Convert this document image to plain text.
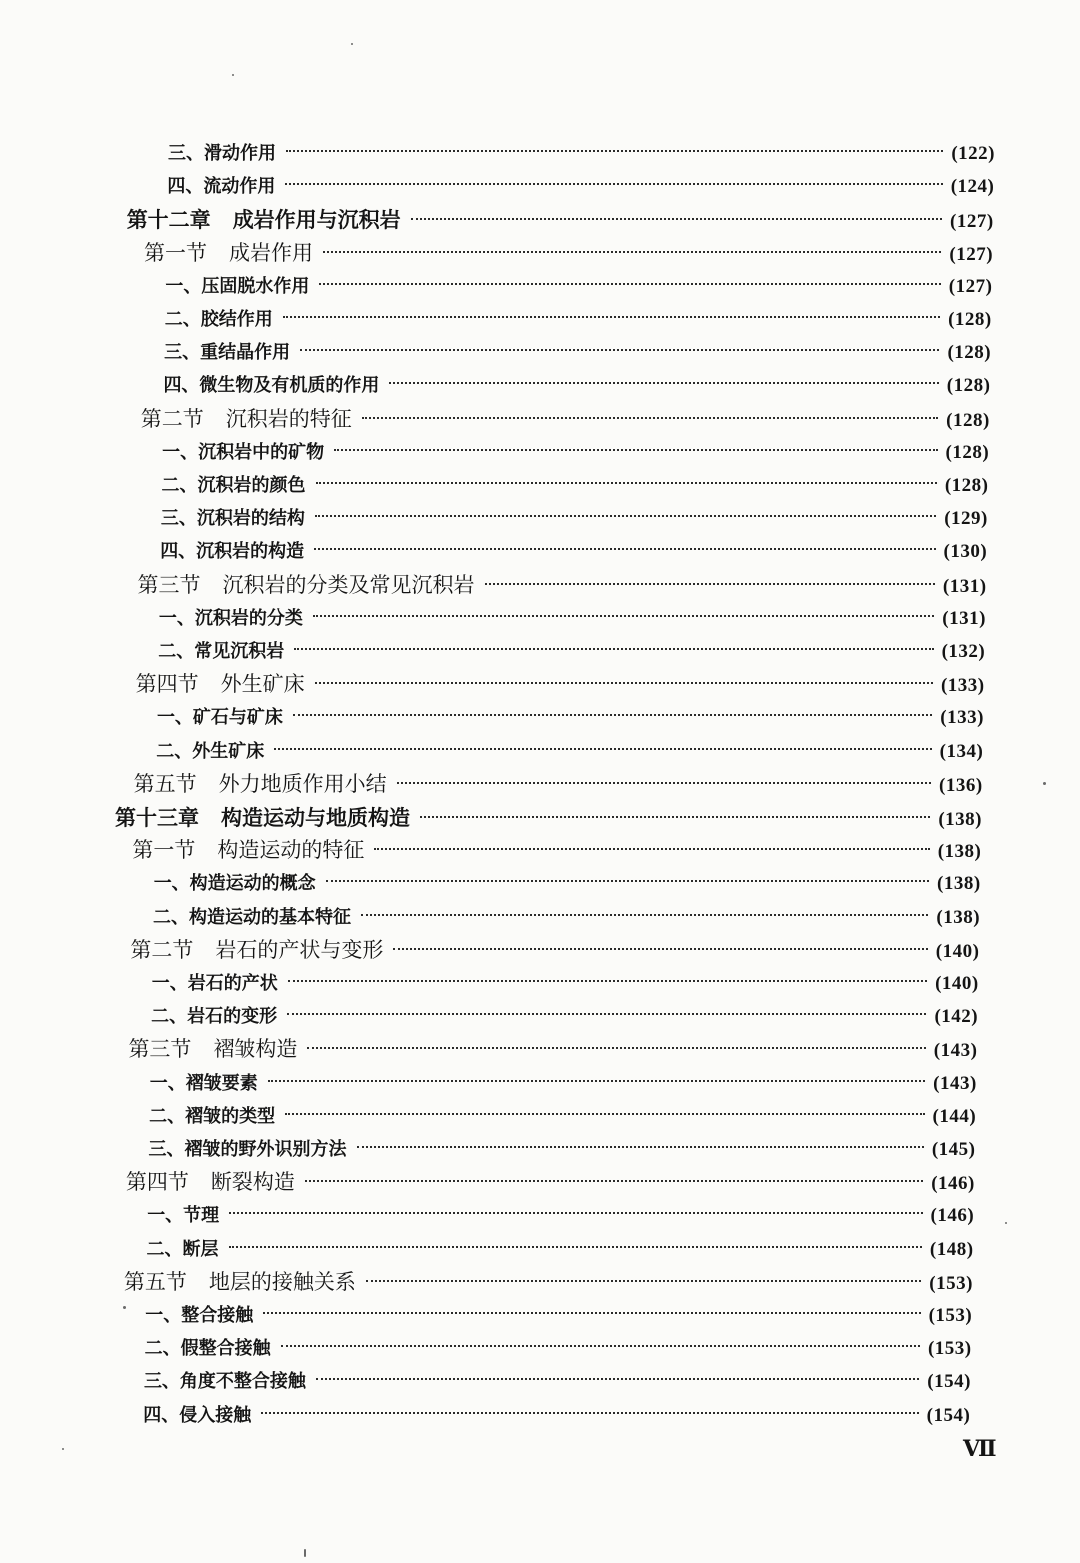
三、滑动作用	(122)
四、流动作用	(124)
第十二章 成岩作用与沉积岩	(127)
第一节 成岩作用	(127)
一、压固脱水作用	(127)
二、胶结作用	(128)
三、重结晶作用	(128)
四、微生物及有机质的作用	(128)
第二节 沉积岩的特征	(128)
一、沉积岩中的矿物	(128)
二、沉积岩的颜色	(128)
三、沉积岩的结构	(129)
四、沉积岩的构造	(130)
第三节 沉积岩的分类及常见沉积岩	(131)
一、沉积岩的分类	(131)
二、常见沉积岩	(132)
第四节 外生矿床	(133)
一、矿石与矿床	(133)
二、外生矿床	(134)
第五节 外力地质作用小结	(136)
第十三章 构造运动与地质构造	(138)
第一节 构造运动的特征	(138)
一、构造运动的概念	(138)
二、构造运动的基本特征	(138)
第二节 岩石的产状与变形	(140)
一、岩石的产状	(140)
二、岩石的变形	(142)
第三节 褶皱构造	(143)
一、褶皱要素	(143)
二、褶皱的类型	(144)
三、褶皱的野外识别方法	(145)
第四节 断裂构造	(146)
一、节理	(146)
二、断层	(148)
第五节 地层的接触关系	(153)
一、整合接触	(153)
二、假整合接触	(153)
三、角度不整合接触	(154)
四、侵入接触	(154)
Ⅶ
